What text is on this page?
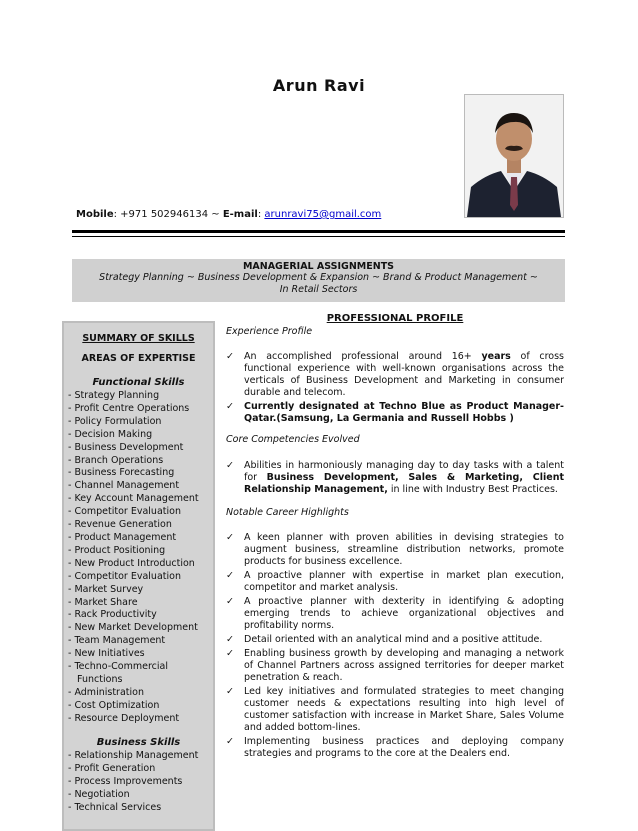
Arun Ravi
Mobile: +971 502946134 ~ E-mail: arunravi75@gmail.com
MANAGERIAL ASSIGNMENTS
Strategy Planning ~ Business Development & Expansion ~ Brand & Product Management ~
In Retail Sectors
SUMMARY OF SKILLS
AREAS OF EXPERTISE
Functional Skills
- Strategy Planning
- Profit Centre Operations
- Policy Formulation
- Decision Making
- Business Development
- Branch Operations
- Business Forecasting
- Channel Management
- Key Account Management
- Competitor Evaluation
- Revenue Generation
- Product Management
- Product Positioning
- New Product Introduction
- Competitor Evaluation
- Market Survey
- Market Share
- Rack Productivity
- New Market Development
- Team Management
- New Initiatives
- Techno-Commercial
Functions
- Administration
- Cost Optimization
- Resource Deployment
Business Skills
- Relationship Management
- Profit Generation
- Process Improvements
- Negotiation
- Technical Services
PROFESSIONAL PROFILE
Experience Profile
✓ An accomplished professional around 16+ years of cross functional experience with well-known organisations across the verticals of Business Development and Marketing in consumer durable and telecom.
✓ Currently designated at Techno Blue as Product Manager-Qatar.(Samsung, La Germania and Russell Hobbs )
Core Competencies Evolved
✓ Abilities in harmoniously managing day to day tasks with a talent for Business Development, Sales & Marketing, Client Relationship Management, in line with Industry Best Practices.
Notable Career Highlights
✓ A keen planner with proven abilities in devising strategies to augment business, streamline distribution networks, promote products for business excellence.
✓ A proactive planner with expertise in market plan execution, competitor and market analysis.
✓ A proactive planner with dexterity in identifying & adopting emerging trends to achieve organizational objectives and profitability norms.
✓ Detail oriented with an analytical mind and a positive attitude.
✓ Enabling business growth by developing and managing a network of Channel Partners across assigned territories for deeper market penetration & reach.
✓ Led key initiatives and formulated strategies to meet changing customer needs & expectations resulting into high level of customer satisfaction with increase in Market Share, Sales Volume and added bottom-lines.
✓ Implementing business practices and deploying company strategies and programs to the core at the Dealers end.
